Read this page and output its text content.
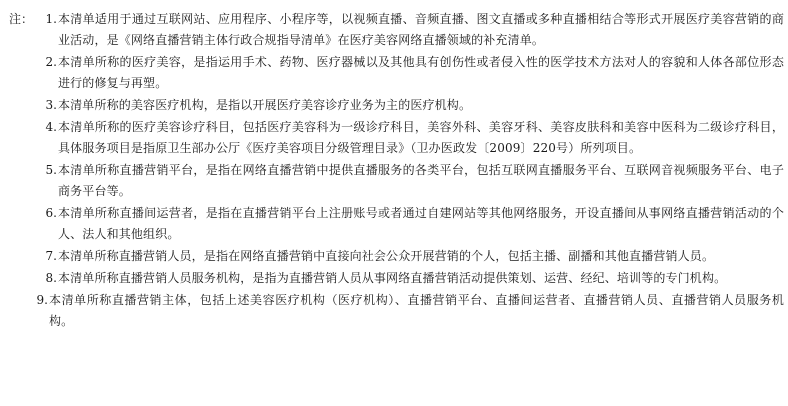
注： 1. 本清单适用于通过互联网站、应用程序、小程序等，以视频直播、音频直播、图文直播或多种直播相结合等形式开展医疗美容营销的商业活动，是《网络直播营销主体行政合规指导清单》在医疗美容网络直播领域的补充清单。
2. 本清单所称的医疗美容，是指运用手术、药物、医疗器械以及其他具有创伤性或者侵入性的医学技术方法对人的容貌和人体各部位形态进行的修复与再塑。
3. 本清单所称的美容医疗机构，是指以开展医疗美容诊疗业务为主的医疗机构。
4. 本清单所称的医疗美容诊疗科目，包括医疗美容科为一级诊疗科目，美容外科、美容牙科、美容皮肤科和美容中医科为二级诊疗科目，具体服务项目是指原卫生部办公厅《医疗美容项目分级管理目录》（卫办医政发〔2009〕220号）所列项目。
5. 本清单所称直播营销平台，是指在网络直播营销中提供直播服务的各类平台，包括互联网直播服务平台、互联网音视频服务平台、电子商务平台等。
6. 本清单所称直播间运营者，是指在直播营销平台上注册账号或者通过自建网站等其他网络服务，开设直播间从事网络直播营销活动的个人、法人和其他组织。
7. 本清单所称直播营销人员，是指在网络直播营销中直接向社会公众开展营销的个人，包括主播、副播和其他直播营销人员。
8. 本清单所称直播营销人员服务机构，是指为直播营销人员从事网络直播营销活动提供策划、运营、经纪、培训等的专门机构。
9. 本清单所称直播营销主体，包括上述美容医疗机构（医疗机构）、直播营销平台、直播间运营者、直播营销人员、直播营销人员服务机构。
